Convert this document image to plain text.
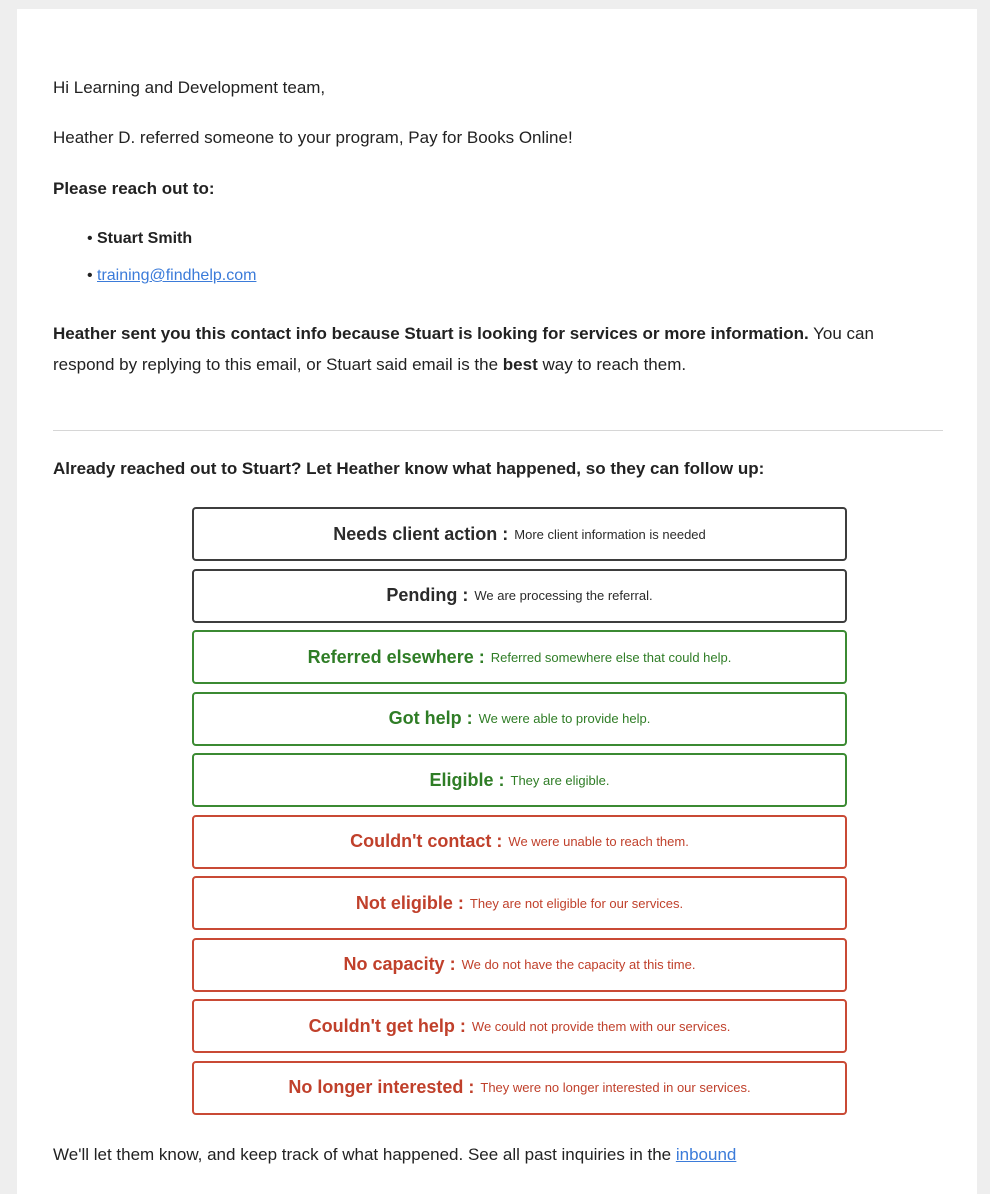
Hi Learning and Development team,
Heather D. referred someone to your program, Pay for Books Online!
Please reach out to:
• Stuart Smith
• training@findhelp.com
Heather sent you this contact info because Stuart is looking for services or more information. You can respond by replying to this email, or Stuart said email is the best way to reach them.
Already reached out to Stuart? Let Heather know what happened, so they can follow up:
Needs client action : More client information is needed
Pending : We are processing the referral.
Referred elsewhere : Referred somewhere else that could help.
Got help : We were able to provide help.
Eligible : They are eligible.
Couldn't contact : We were unable to reach them.
Not eligible : They are not eligible for our services.
No capacity : We do not have the capacity at this time.
Couldn't get help : We could not provide them with our services.
No longer interested : They were no longer interested in our services.
We'll let them know, and keep track of what happened. See all past inquiries in the inbound
